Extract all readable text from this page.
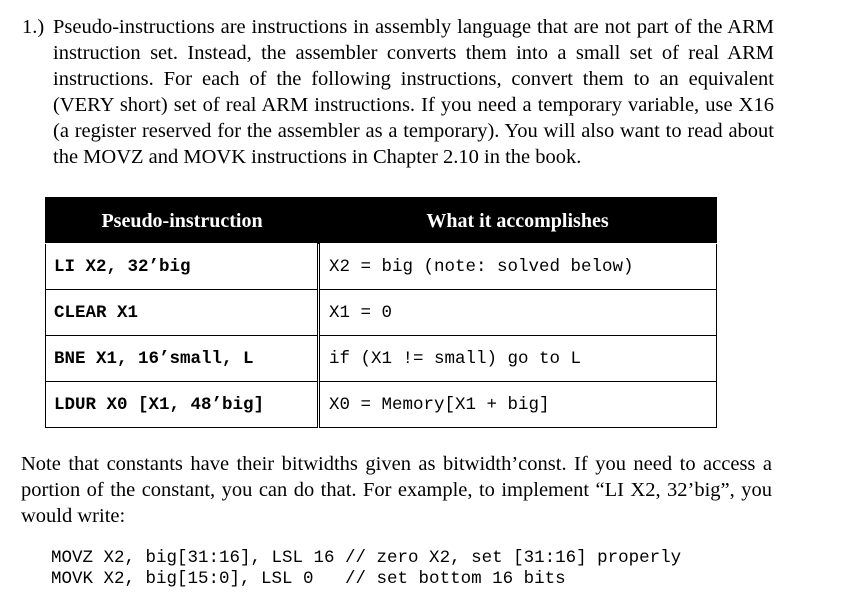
1.) Pseudo-instructions are instructions in assembly language that are not part of the ARM instruction set. Instead, the assembler converts them into a small set of real ARM instructions. For each of the following instructions, convert them to an equivalent (VERY short) set of real ARM instructions. If you need a temporary variable, use X16 (a register reserved for the assembler as a temporary). You will also want to read about the MOVZ and MOVK instructions in Chapter 2.10 in the book.
Pseudo-instruction	What it accomplishes
LI X2, 32’big	X2 = big (note: solved below)
CLEAR X1	X1 = 0
BNE X1, 16’small, L	if (X1 != small) go to L
LDUR X0 [X1, 48’big]	X0 = Memory[X1 + big]
Note that constants have their bitwidths given as bitwidth’const. If you need to access a portion of the constant, you can do that. For example, to implement “LI X2, 32’big”, you would write:
MOVZ X2, big[31:16], LSL 16 // zero X2, set [31:16] properly
MOVK X2, big[15:0], LSL 0   // set bottom 16 bits
